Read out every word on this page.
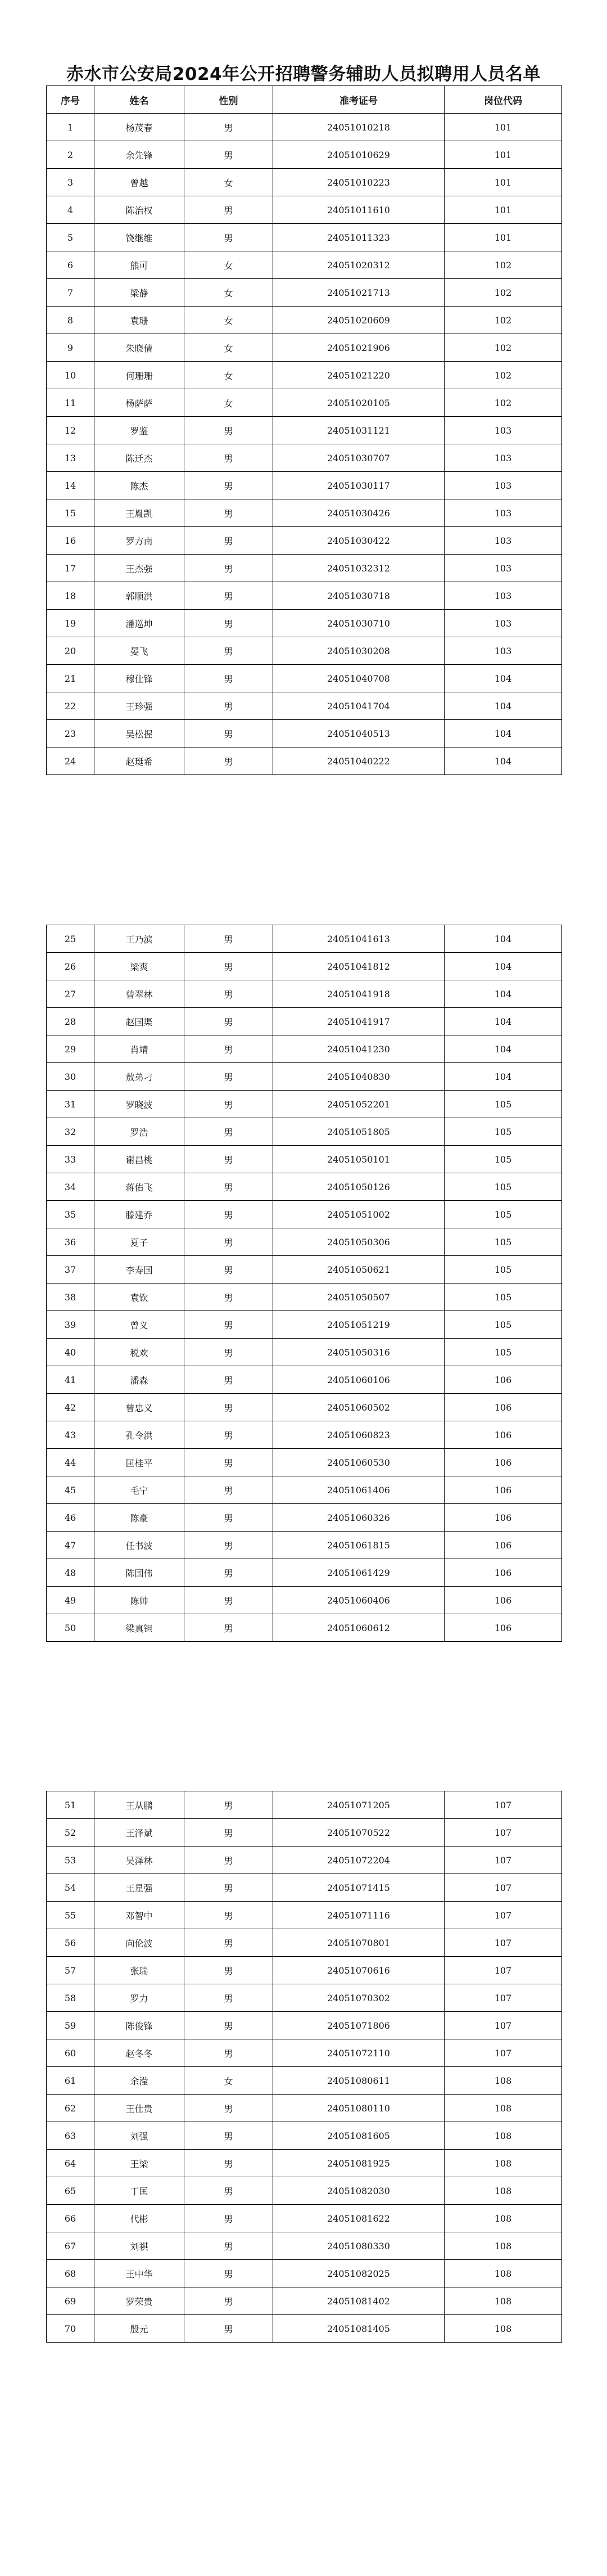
赤水市公安局2024年公开招聘警务辅助人员拟聘用人员名单
序号	姓名	性别	准考证号	岗位代码
1	杨茂春	男	24051010218	101
2	余先锋	男	24051010629	101
3	曾越	女	24051010223	101
4	陈治权	男	24051011610	101
5	饶继维	男	24051011323	101
6	熊可	女	24051020312	102
7	梁静	女	24051021713	102
8	袁珊	女	24051020609	102
9	朱晓倩	女	24051021906	102
10	何珊珊	女	24051021220	102
11	杨萨萨	女	24051020105	102
12	罗鉴	男	24051031121	103
13	陈迁杰	男	24051030707	103
14	陈杰	男	24051030117	103
15	王胤凯	男	24051030426	103
16	罗方南	男	24051030422	103
17	王杰强	男	24051032312	103
18	郭顺洪	男	24051030718	103
19	潘巡坤	男	24051030710	103
20	晏飞	男	24051030208	103
21	穆仕锋	男	24051040708	104
22	王珍强	男	24051041704	104
23	吴松握	男	24051040513	104
24	赵珽希	男	24051040222	104
25	王乃滨	男	24051041613	104
26	梁爽	男	24051041812	104
27	曾翠林	男	24051041918	104
28	赵国渠	男	24051041917	104
29	肖靖	男	24051041230	104
30	敖弟刁	男	24051040830	104
31	罗晓波	男	24051052201	105
32	罗浩	男	24051051805	105
33	谢昌桃	男	24051050101	105
34	蒋佑飞	男	24051050126	105
35	滕建乔	男	24051051002	105
36	夏子	男	24051050306	105
37	李寿国	男	24051050621	105
38	袁钦	男	24051050507	105
39	曾义	男	24051051219	105
40	税欢	男	24051050316	105
41	潘森	男	24051060106	106
42	曾忠义	男	24051060502	106
43	孔令洪	男	24051060823	106
44	匡桂平	男	24051060530	106
45	毛宁	男	24051061406	106
46	陈豪	男	24051060326	106
47	任书波	男	24051061815	106
48	陈国伟	男	24051061429	106
49	陈帅	男	24051060406	106
50	梁真钽	男	24051060612	106
51	王从鹏	男	24051071205	107
52	王泽斌	男	24051070522	107
53	吴泽林	男	24051072204	107
54	王星强	男	24051071415	107
55	邓智中	男	24051071116	107
56	向伦波	男	24051070801	107
57	张瑞	男	24051070616	107
58	罗力	男	24051070302	107
59	陈俊锋	男	24051071806	107
60	赵冬冬	男	24051072110	107
61	余滢	女	24051080611	108
62	王仕贵	男	24051080110	108
63	刘强	男	24051081605	108
64	王梁	男	24051081925	108
65	丁匡	男	24051082030	108
66	代彬	男	24051081622	108
67	刘祺	男	24051080330	108
68	王中华	男	24051082025	108
69	罗荣贵	男	24051081402	108
70	殷元	男	24051081405	108
